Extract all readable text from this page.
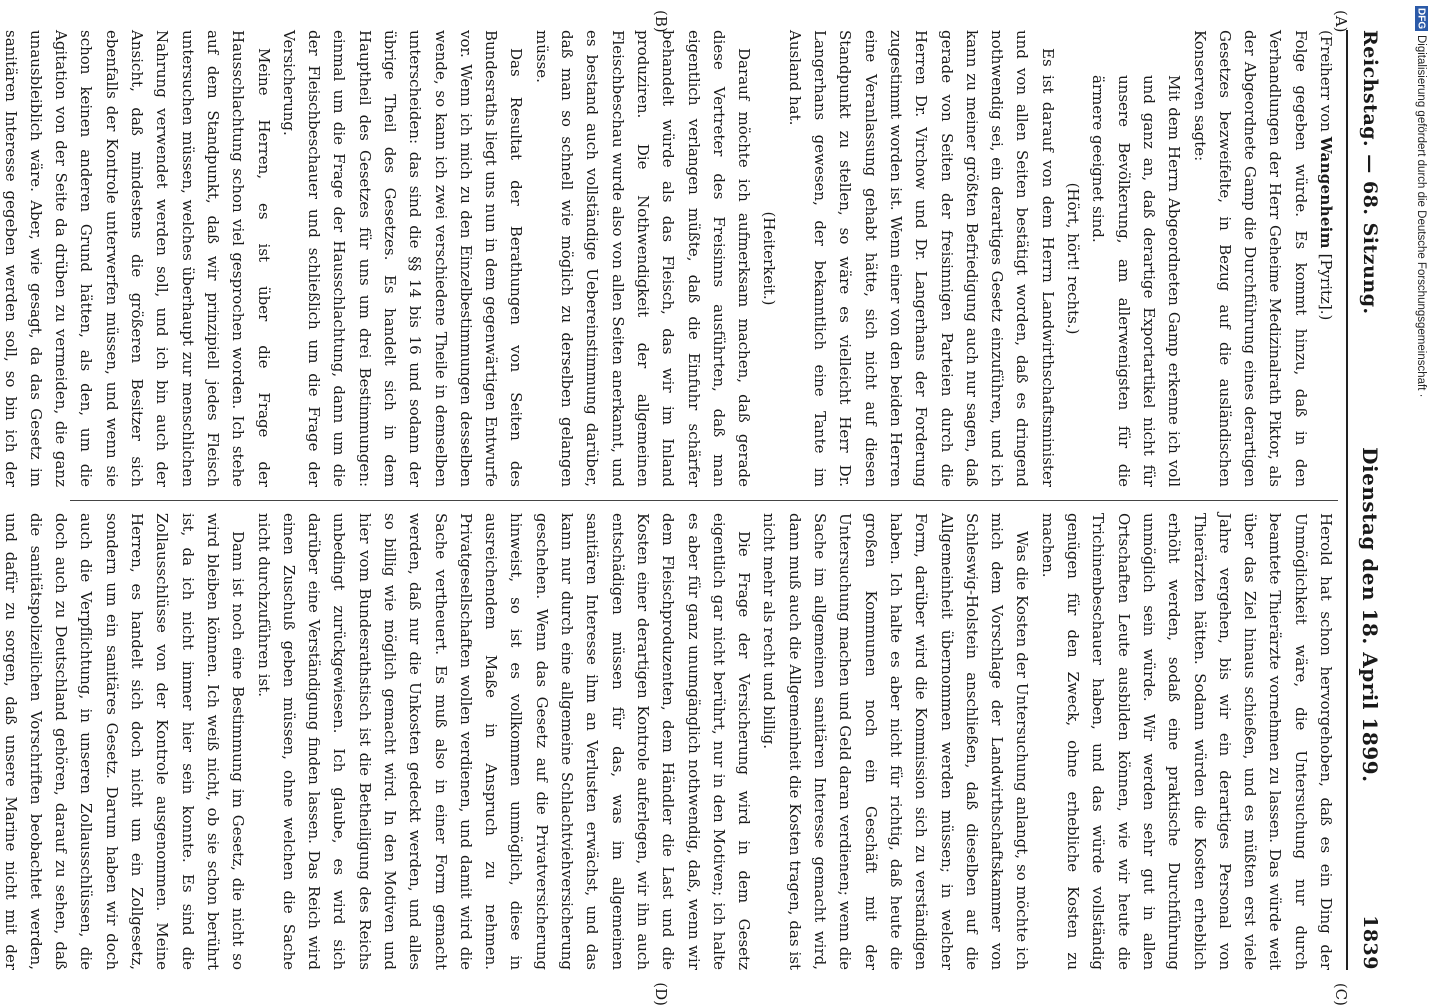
Reichstag. — 68. Sitzung.
Dienstag den 18. April 1899.
1839

(Freiherr von Wangenheim [Pyritz].)

Folge gegeben würde. Es kommt hinzu, daß in den Verhandlungen der Herr Geheime Medizinalrath Piktor, als der Abgeordnete Gamp die Durchführung eines derartigen Gesetzes bezweifelte, in Bezug auf die ausländischen Konserven sagte:

Mit dem Herrn Abgeordneten Gamp erkenne ich voll und ganz an, daß derartige Exportartikel nicht für unsere Bevölkerung, am allerwenigsten für die ärmere geeignet sind.

(Hört, hört! rechts.)

Es ist darauf von dem Herrn Landwirthschaftsminister und von allen Seiten bestätigt worden, daß es dringend nothwendig sei, ein derartiges Gesetz einzuführen, und ich kann zu meiner größten Befriedigung auch nur sagen, daß gerade von Seiten der freisinnigen Parteien durch die Herren Dr. Virchow und Dr. Langerhans der Forderung zugestimmt worden ist. Wenn einer von den beiden Herren eine Veranlassung gehabt hätte, sich nicht auf diesen Standpunkt zu stellen, so wäre es vielleicht Herr Dr. Langerhans gewesen, der bekanntlich eine Tante im Ausland hat.

(Heiterkeit.)

Darauf möchte ich aufmerksam machen, daß gerade diese Vertreter des Freisinns ausführten, daß man eigentlich verlangen müßte, daß die Einfuhr schärfer behandelt würde als das Fleisch, das wir im Inland produziren. Die Nothwendigkeit der allgemeinen Fleischbeschau wurde also von allen Seiten anerkannt, und es bestand auch vollständige Uebereinstimmung darüber, daß man so schnell wie möglich zu derselben gelangen müsse.

Das Resultat der Berathungen von Seiten des Bundesraths liegt uns nun in dem gegenwärtigen Entwurfe vor. Wenn ich mich zu den Einzelbestimmungen desselben wende, so kann ich zwei verschiedene Theile in demselben unterscheiden: das sind die §§ 14 bis 16 und sodann der übrige Theil des Gesetzes. Es handelt sich in dem Hauptheil des Gesetzes für uns um drei Bestimmungen: einmal um die Frage der Hausschlachtung, dann um die der Fleischbeschauer und schließlich um die Frage der Versicherung.

Meine Herren, es ist über die Frage der Hausschlachtung schon viel gesprochen worden. Ich stehe auf dem Standpunkt, daß wir prinzipiell jedes Fleisch untersuchen müssen, welches überhaupt zur menschlichen Nahrung verwendet werden soll, und ich bin auch der Ansicht, daß mindestens die größeren Besitzer sich ebenfalls der Kontrole unterwerfen müssen, und wenn sie schon keinen anderen Grund hätten, als den, um die Agitation von der Seite da drüben zu vermeiden, die ganz unausbleiblich wäre. Aber, wie gesagt, da das Gesetz im sanitären Interesse gegeben werden soll, so bin ich der

Herold hat schon hervorgehoben, daß es ein Ding der Unmöglichkeit wäre, die Untersuchung nur durch beamtete Thierärzte vornehmen zu lassen. Das würde weit über das Ziel hinaus schießen, und es müßten erst viele Jahre vergehen, bis wir ein derartiges Personal von Thierärzten hätten. Sodann würden die Kosten erheblich erhöht werden, sodaß eine praktische Durchführung unmöglich sein würde. Wir werden sehr gut in allen Ortschaften Leute ausbilden können, wie wir heute die Trichinenbeschauer haben, und das würde vollständig genügen für den Zweck, ohne erhebliche Kosten zu machen.

Was die Kosten der Untersuchung anlangt, so möchte ich mich dem Vorschlage der Landwirthschaftskammer von Schleswig-Holstein anschließen, daß dieselben auf die Allgemeinheit übernommen werden müssen; in welcher Form, darüber wird die Kommission sich zu verständigen haben. Ich halte es aber nicht für richtig, daß heute die großen Kommunen noch ein Geschäft mit der Untersuchung machen und Geld daran verdienen; wenn die Sache im allgemeinen sanitären Interesse gemacht wird, dann muß auch die Allgemeinheit die Kosten tragen, das ist nicht mehr als recht und billig.

Die Frage der Versicherung wird in dem Gesetz eigentlich gar nicht berührt, nur in den Motiven; ich halte es aber für ganz unumgänglich nothwendig, daß, wenn wir dem Fleischproduzenten, dem Händler die Last und die Kosten einer derartigen Kontrole auferlegen, wir ihn auch entschädigen müssen für das, was im allgemeinen sanitären Interesse ihm an Verlusten erwächst, und das kann nur durch eine allgemeine Schlachtviehversicherung geschehen. Wenn das Gesetz auf die Privatversicherung hinweist, so ist es vollkommen unmöglich, diese in ausreichendem Maße in Anspruch zu nehmen. Privatgesellschaften wollen verdienen, und damit wird die Sache vertheuert. Es muß also in einer Form gemacht werden, daß nur die Unkosten gedeckt werden, und alles so billig wie möglich gemacht wird. In den Motiven und hier vom Bundesrathstisch ist die Betheiligung des Reichs unbedingt zurückgewiesen. Ich glaube, es wird sich darüber eine Verständigung finden lassen. Das Reich wird einen Zuschuß geben müssen, ohne welchen die Sache nicht durchzuführen ist.

Dann ist noch eine Bestimmung im Gesetz, die nicht so wird bleiben können. Ich weiß nicht, ob sie schon berührt ist, da ich nicht immer hier sein konnte. Es sind die Zollausschlüsse von der Kontrole ausgenommen. Meine Herren, es handelt sich doch nicht um ein Zollgesetz, sondern um ein sanitäres Gesetz. Darum haben wir doch auch die Verpflichtung, in unseren Zollausschlüssen, die doch auch zu Deutschland gehören, darauf zu sehen, daß die sanitätspolizeilichen Vorschriften beobachtet werden, und dafür zu sorgen, daß unsere Marine nicht mit der

(A)
(B)
(C)
(D)
DFG
Digitalisierung gefördert durch die Deutsche Forschungsgemeinschaft ·
